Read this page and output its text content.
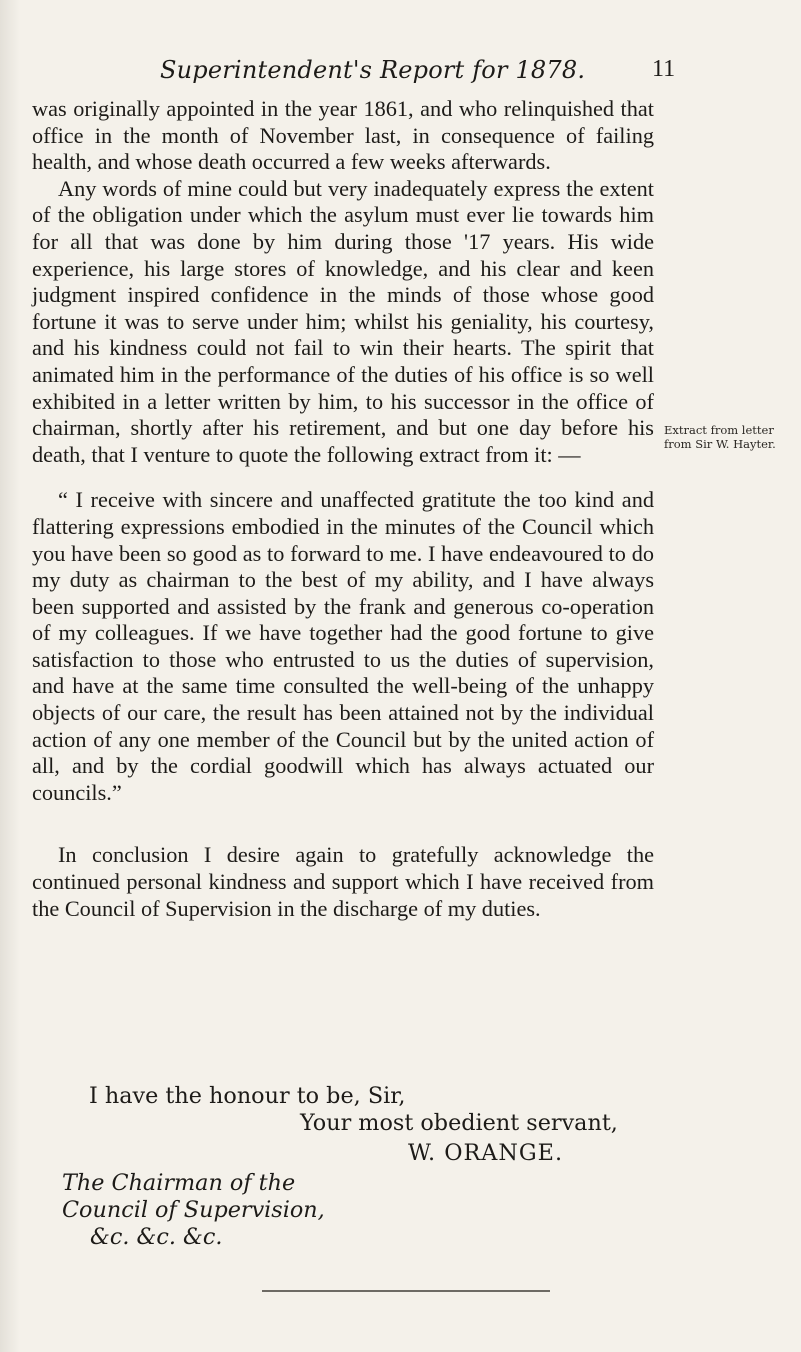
Superintendent's Report for 1878.	11

was originally appointed in the year 1861, and who relinquished that office in the month of November last, in consequence of failing health, and whose death occurred a few weeks afterwards.

Any words of mine could but very inadequately express the extent of the obligation under which the asylum must ever lie towards him for all that was done by him during those '17 years. His wide experience, his large stores of knowledge, and his clear and keen judgment inspired confidence in the minds of those whose good fortune it was to serve under him; whilst his geniality, his courtesy, and his kindness could not fail to win their hearts. The spirit that animated him in the performance of the duties of his office is so well exhibited in a letter written by him, to his successor in the office of chairman, shortly after his retirement, and but one day before his death, that I venture to quote the following extract from it: —

“ I receive with sincere and unaffected gratitute the too kind and flattering expressions embodied in the minutes of the Council which you have been so good as to forward to me. I have endeavoured to do my duty as chairman to the best of my ability, and I have always been supported and assisted by the frank and generous co-operation of my colleagues. If we have together had the good fortune to give satisfaction to those who entrusted to us the duties of supervision, and have at the same time consulted the well-being of the unhappy objects of our care, the result has been attained not by the individual action of any one member of the Council but by the united action of all, and by the cordial goodwill which has always actuated our councils.”

In conclusion I desire again to gratefully acknowledge the continued personal kindness and support which I have received from the Council of Supervision in the discharge of my duties.

Extract from letter from Sir W. Hayter.
I have the honour to be, Sir,
Your most obedient servant,
W. ORANGE.
The Chairman of the
Council of Supervision,
&c. &c. &c.
